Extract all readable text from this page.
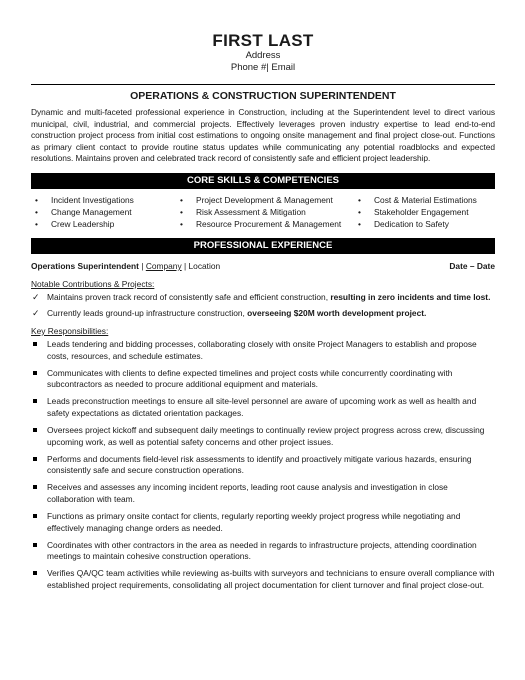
FIRST LAST
Address
Phone #| Email
OPERATIONS & CONSTRUCTION SUPERINTENDENT
Dynamic and multi-faceted professional experience in Construction, including at the Superintendent level to direct various municipal, civil, industrial, and commercial projects. Effectively leverages proven industry expertise to lead end-to-end construction project process from initial cost estimations to ongoing onsite management and final project close-out. Functions as primary client contact to provide routine status updates while communicating any potential roadblocks and expected resolutions. Maintains proven and celebrated track record of consistently safe and efficient project leadership.
CORE SKILLS & COMPETENCIES
• Incident Investigations
• Change Management
• Crew Leadership
• Project Development & Management
• Risk Assessment & Mitigation
• Resource Procurement & Management
• Cost & Material Estimations
• Stakeholder Engagement
• Dedication to Safety
PROFESSIONAL EXPERIENCE
Operations Superintendent | Company | Location	Date – Date
Notable Contributions & Projects:
✓ Maintains proven track record of consistently safe and efficient construction, resulting in zero incidents and time lost.
✓ Currently leads ground-up infrastructure construction, overseeing $20M worth development project.
Key Responsibilities:
Leads tendering and bidding processes, collaborating closely with onsite Project Managers to establish and propose costs, resources, and schedule estimates.
Communicates with clients to define expected timelines and project costs while concurrently coordinating with subcontractors as needed to procure additional equipment and materials.
Leads preconstruction meetings to ensure all site-level personnel are aware of upcoming work as well as health and safety expectations as dictated orientation packages.
Oversees project kickoff and subsequent daily meetings to continually review project progress across crew, discussing upcoming work, as well as potential safety concerns and other project issues.
Performs and documents field-level risk assessments to identify and proactively mitigate various hazards, ensuring consistently safe and secure construction operations.
Receives and assesses any incoming incident reports, leading root cause analysis and investigation in close collaboration with team.
Functions as primary onsite contact for clients, regularly reporting weekly project progress while negotiating and effectively managing change orders as needed.
Coordinates with other contractors in the area as needed in regards to infrastructure projects, attending coordination meetings to maintain cohesive construction operations.
Verifies QA/QC team activities while reviewing as-builts with surveyors and technicians to ensure overall compliance with established project requirements, consolidating all project documentation for client turnover and final project close-out.
